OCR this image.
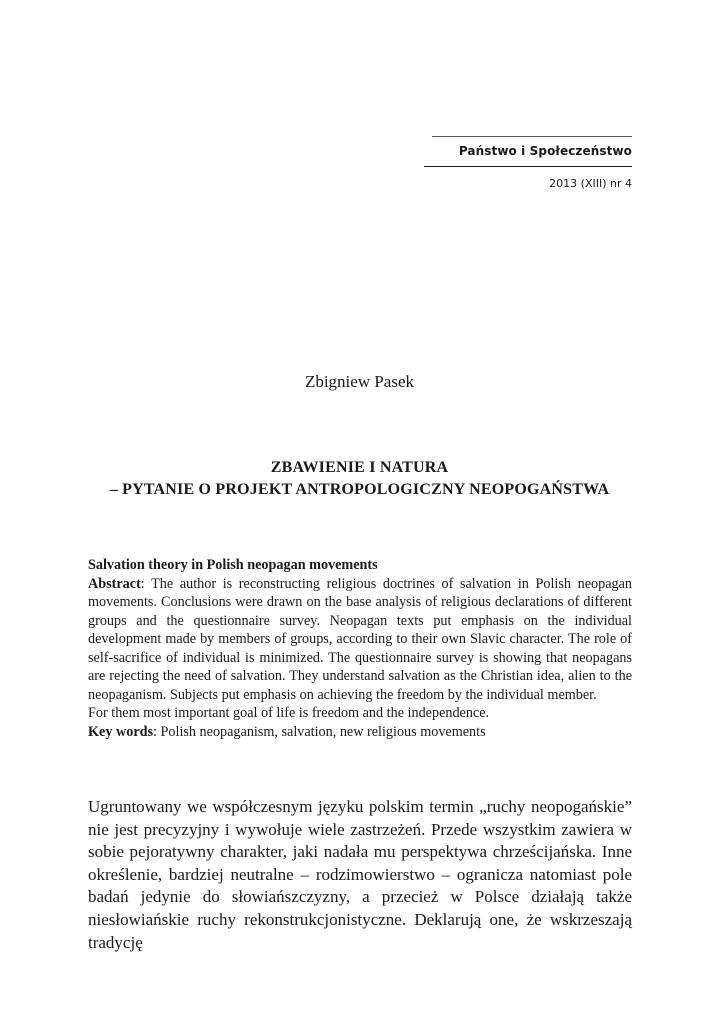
Państwo i Społeczeństwo
2013 (XIII) nr 4
Zbigniew Pasek
ZBAWIENIE I NATURA
– PYTANIE O PROJEKT ANTROPOLOGICZNY NEOPOGAŃSTWA

Salvation theory in Polish neopagan movements

Abstract: The author is reconstructing religious doctrines of salvation in Polish neopagan movements. Conclusions were drawn on the base analysis of religious declarations of different groups and the questionnaire survey. Neopagan texts put emphasis on the individual development made by members of groups, according to their own Slavic character. The role of self-sacrifice of individual is minimized. The questionnaire survey is showing that neopagans are rejecting the need of salvation. They understand salvation as the Christian idea, alien to the neopaganism. Subjects put emphasis on achieving the freedom by the individual member.

For them most important goal of life is freedom and the independence.

Key words: Polish neopaganism, salvation, new religious movements

Ugruntowany we współczesnym języku polskim termin „ruchy neopogańskie” nie jest precyzyjny i wywołuje wiele zastrzeżeń. Przede wszystkim zawiera w sobie pejoratywny charakter, jaki nadała mu perspektywa chrześcijańska. Inne określenie, bardziej neutralne – rodzimowierstwo – ogranicza natomiast pole badań jedynie do słowiańszczyzny, a przecież w Polsce działają także niesłowiańskie ruchy rekonstrukcjonistyczne. Deklarują one, że wskrzeszają tradycję
